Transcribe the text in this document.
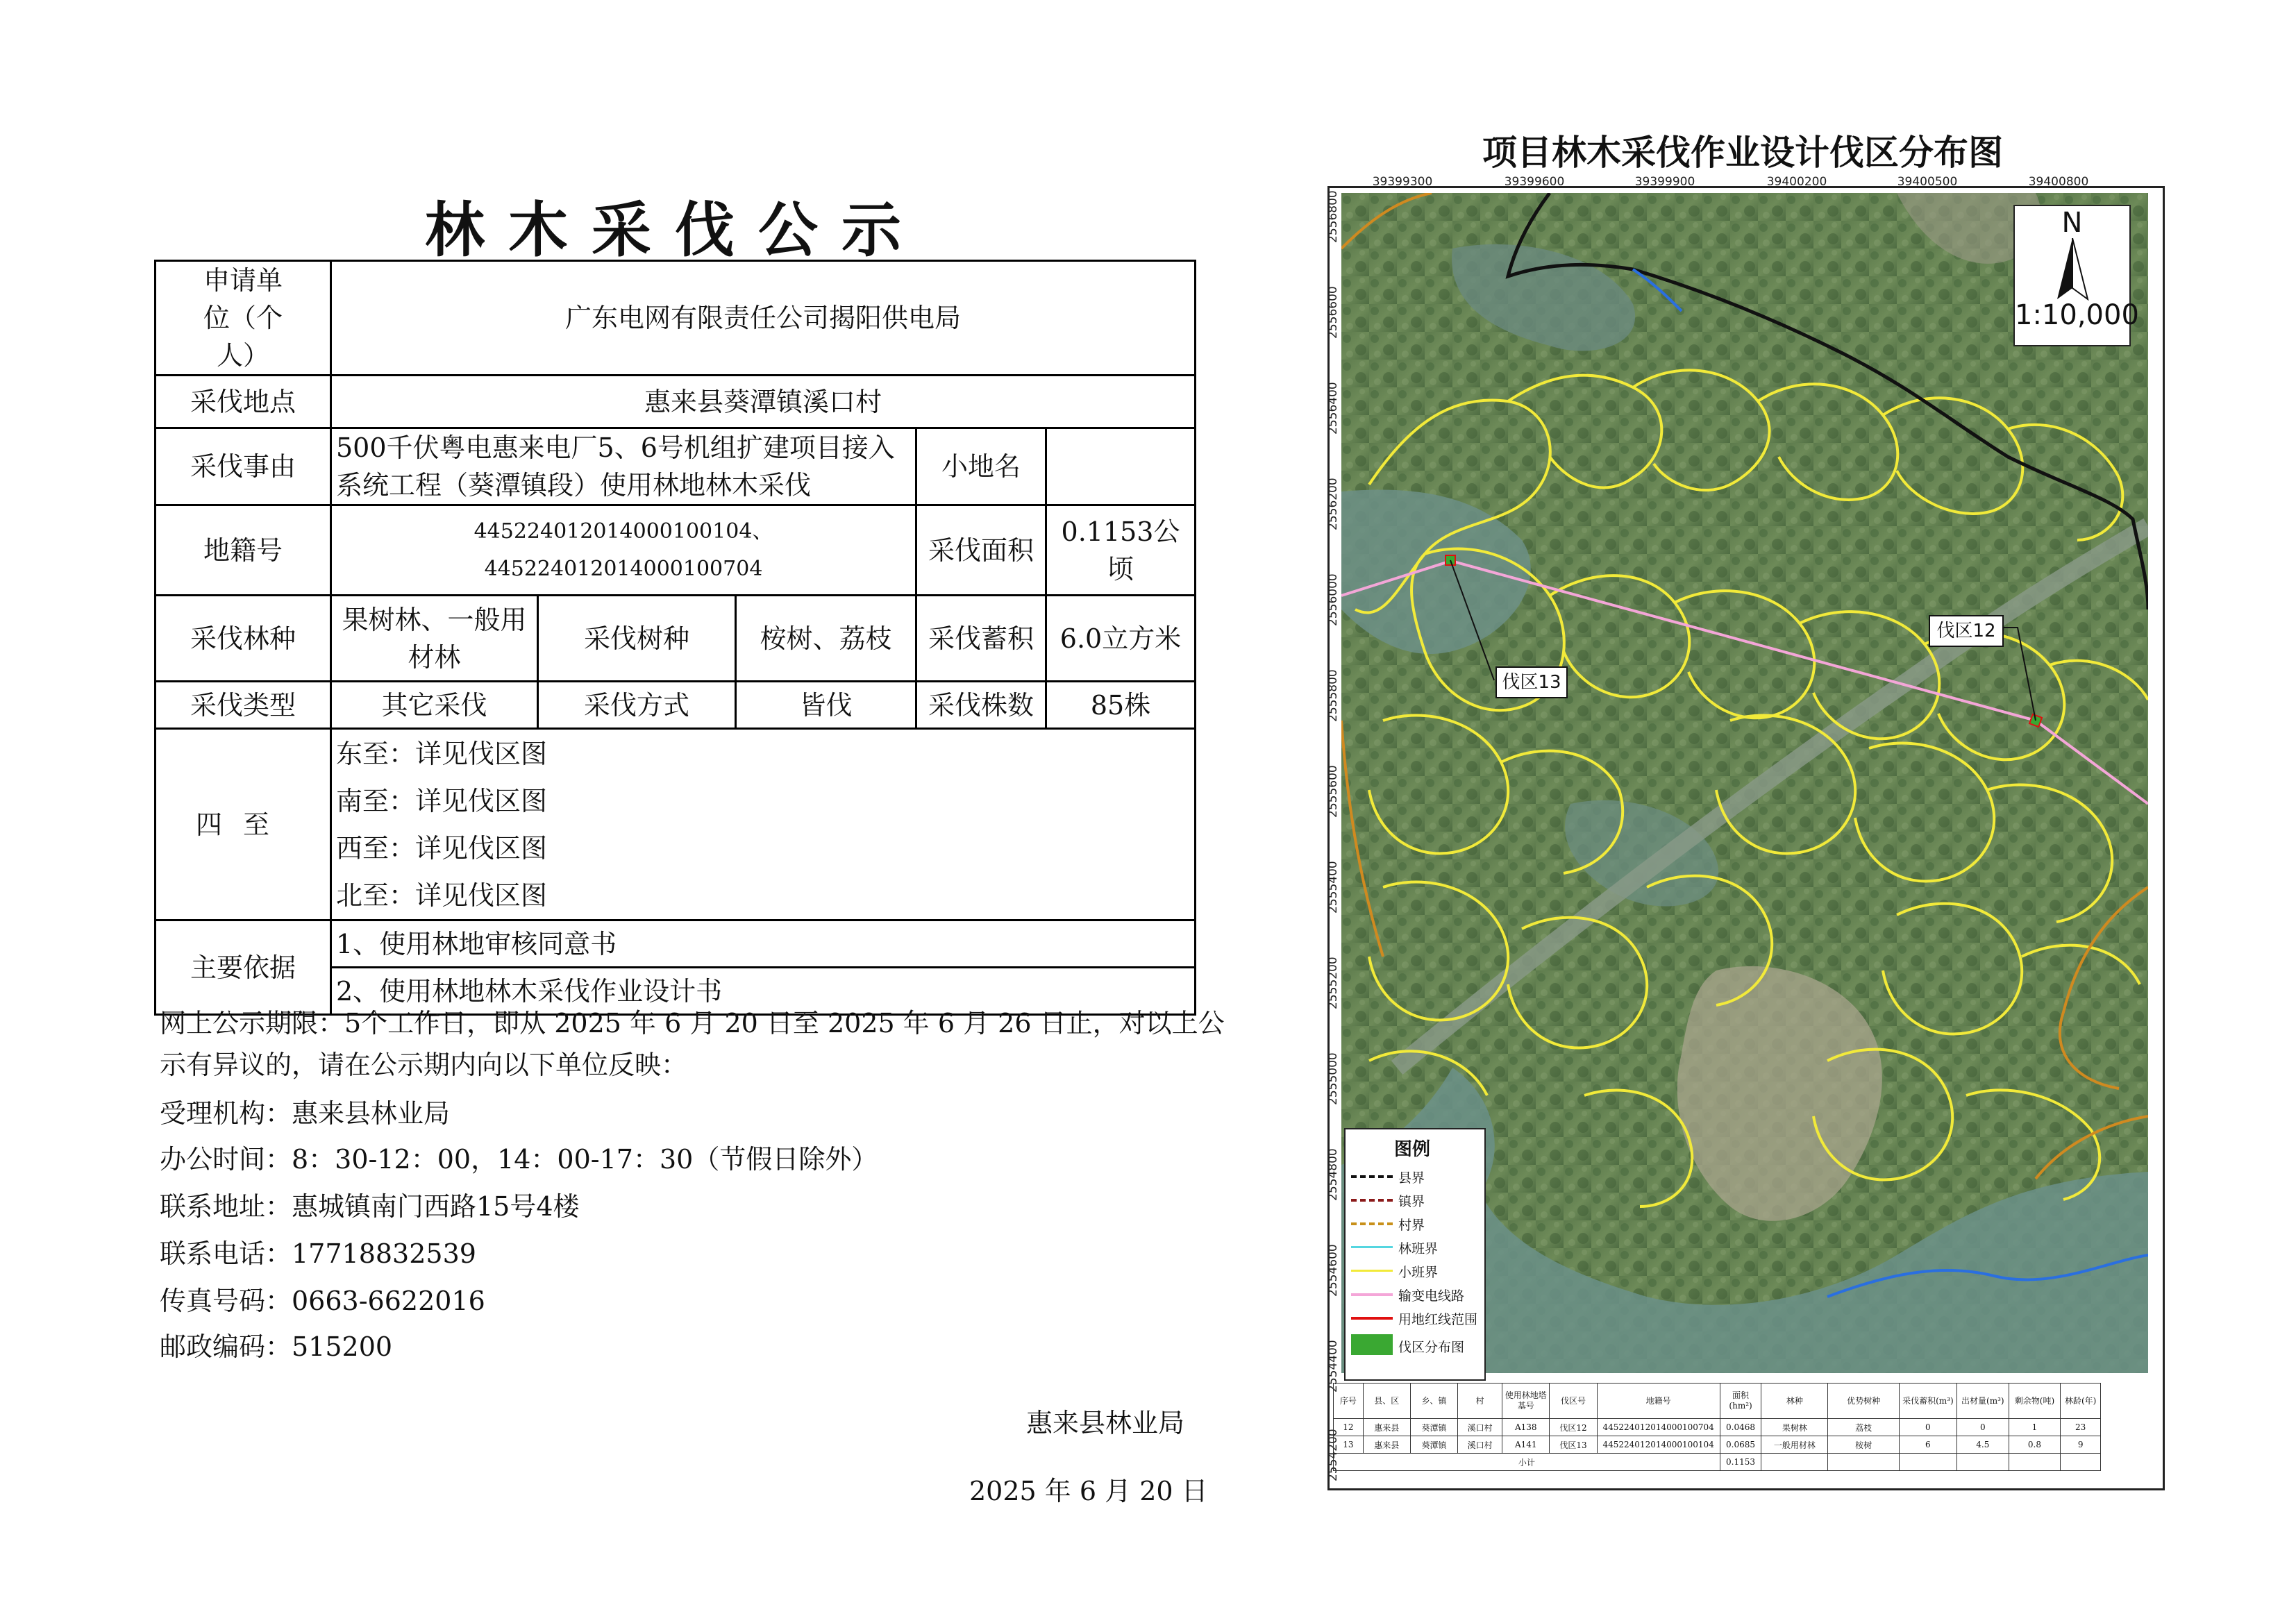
林木采伐公示
申请单位（个人）	广东电网有限责任公司揭阳供电局				
采伐地点	惠来县葵潭镇溪口村				
采伐事由	500千伏粤电惠来电厂5、6号机组扩建项目接入系统工程（葵潭镇段）使用林地林木采伐			小地名	
地籍号	445224012014000100104、445224012014000100704			采伐面积	0.1153公顷
采伐林种	果树林、一般用材林	采伐树种	桉树、荔枝	采伐蓄积	6.0立方米
采伐类型	其它采伐	采伐方式	皆伐	采伐株数	85株
四至	东至：详见伐区图
南至：详见伐区图
西至：详见伐区图
北至：详见伐区图				

主要依据	1、使用林地审核同意书				
	2、使用林地林木采伐作业设计书				
网上公示期限：5个工作日，即从 2025 年 6 月 20 日至 2025 年 6 月 26 日止，对以上公
示有异议的，请在公示期内向以下单位反映：
受理机构：惠来县林业局
办公时间：8：30-12：00，14：00-17：30（节假日除外）
联系地址：惠城镇南门西路15号4楼
联系电话：17718832539
传真号码：0663-6622016
邮政编码：515200
惠来县林业局
2025 年 6 月 20 日
项目林木采伐作业设计伐区分布图
39399300	39399600	39399900	39400200	39400500	39400800
2556800
2556600
2556400
2556200
2556000
2555800
2555600
2555400
2555200
2555000
2554800
2554600
2554400
2554200
伐区13
伐区12
N
1:10,000
图例
县界
镇界
村界
林班界
小班界
输变电线路
用地红线范围
伐区分布图
序号	县、区	乡、镇	村	使用林地塔基号	伐区号	地籍号	面积(hm²)	林种	优势树种	采伐蓄积(m³)	出材量(m³)	剩余物(吨)	林龄(年)
12	惠来县	葵潭镇	溪口村	A138	伐区12	445224012014000100704	0.0468	果树林	荔枝	0	0	1	23
13	惠来县	葵潭镇	溪口村	A141	伐区13	445224012014000100104	0.0685	一般用材林	桉树	6	4.5	0.8	9
小计							0.1153						
